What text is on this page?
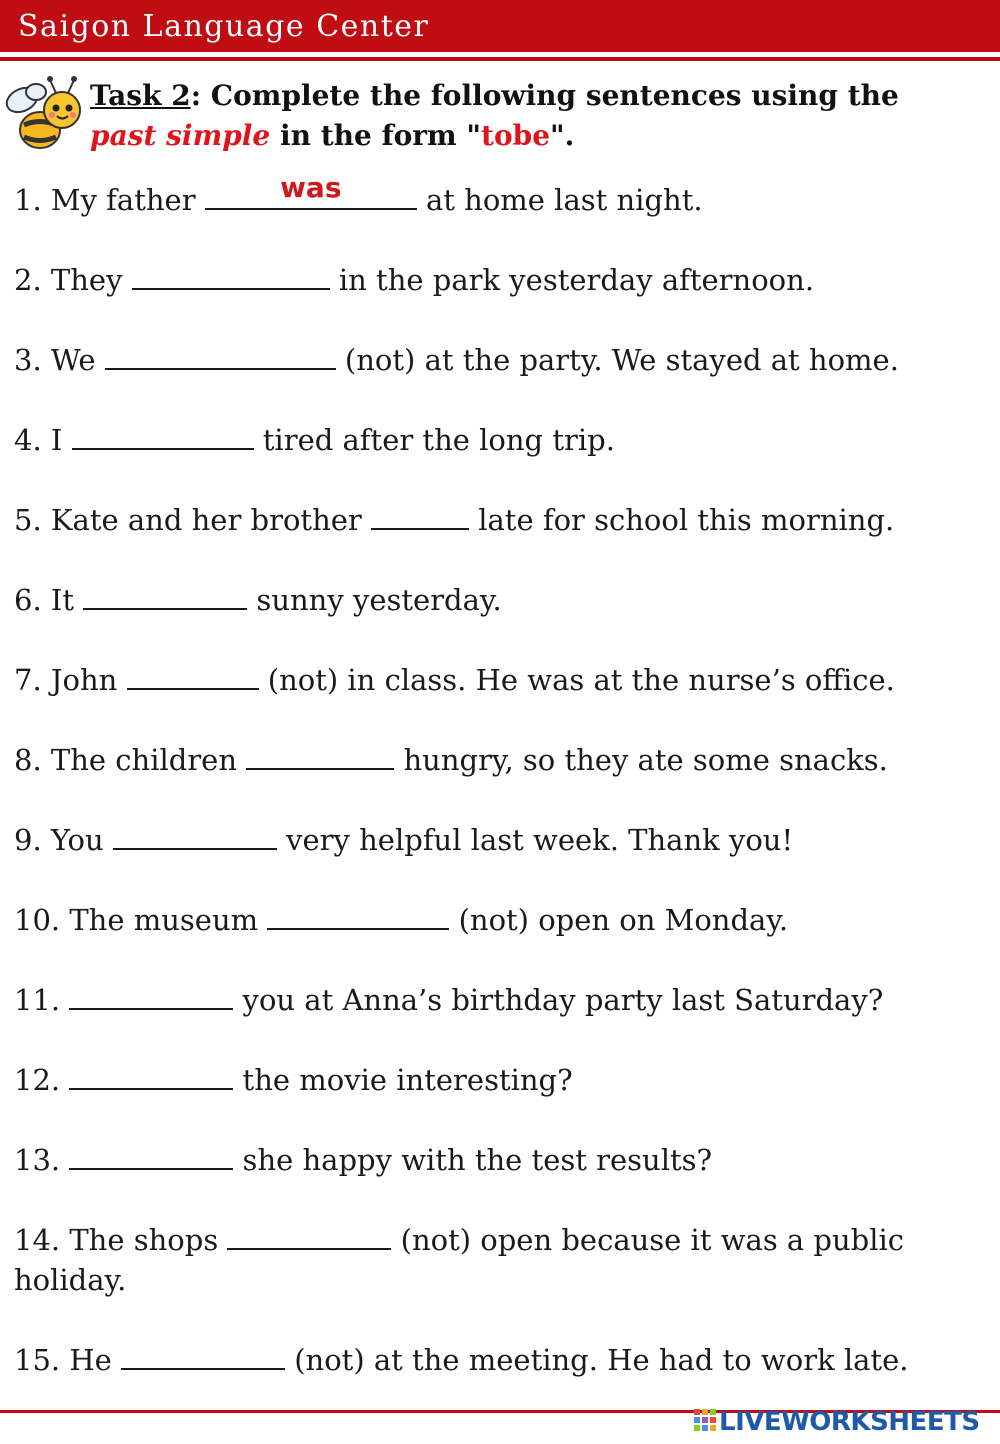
Saigon Language Center
Task 2: Complete the following sentences using the
past simple in the form "tobe".
1. My father	was	at home last night.
2. They	in the park yesterday afternoon.
3. We	(not) at the party. We stayed at home.
4. I	tired after the long trip.
5. Kate and her brother	late for school this morning.
6. It	sunny yesterday.
7. John	(not) in class. He was at the nurse’s office.
8. The children	hungry, so they ate some snacks.
9. You	very helpful last week. Thank you!
10. The museum	(not) open on Monday.
11.	you at Anna’s birthday party last Saturday?
12.	the movie interesting?
13.	she happy with the test results?
14. The shops	(not) open because it was a public holiday.
15. He	(not) at the meeting. He had to work late.
LIVEWORKSHEETS
